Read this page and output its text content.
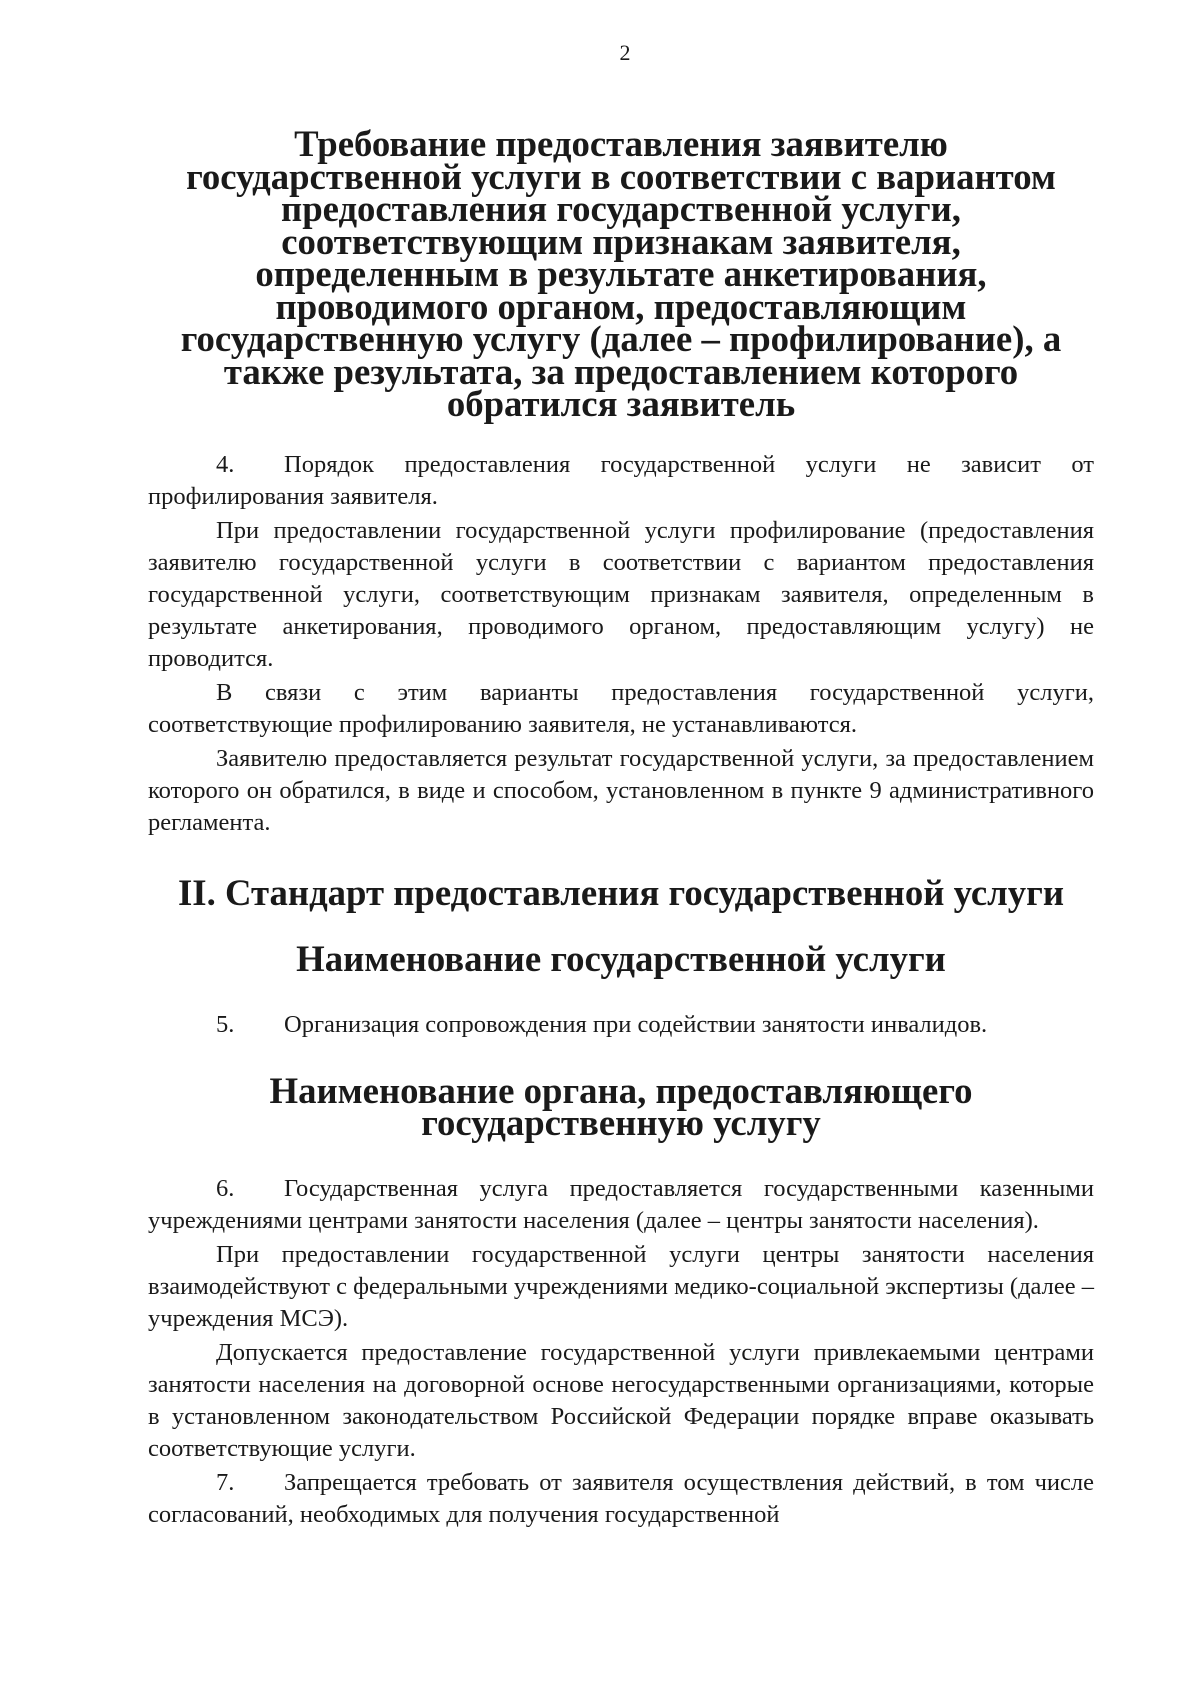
2
Требование предоставления заявителю государственной услуги в соответствии с вариантом предоставления государственной услуги, соответствующим признакам заявителя, определенным в результате анкетирования, проводимого органом, предоставляющим государственную услугу (далее – профилирование), а также результата, за предоставлением которого обратился заявитель

4. Порядок предоставления государственной услуги не зависит от профилирования заявителя.

При предоставлении государственной услуги профилирование (предоставления заявителю государственной услуги в соответствии с вариантом предоставления государственной услуги, соответствующим признакам заявителя, определенным в результате анкетирования, проводимого органом, предоставляющим услугу) не проводится.

В связи с этим варианты предоставления государственной услуги, соответствующие профилированию заявителя, не устанавливаются.

Заявителю предоставляется результат государственной услуги, за предоставлением которого он обратился, в виде и способом, установленном в пункте 9 административного регламента.

II. Стандарт предоставления государственной услуги
Наименование государственной услуги

5. Организация сопровождения при содействии занятости инвалидов.

Наименование органа, предоставляющего государственную услугу

6. Государственная услуга предоставляется государственными казенными учреждениями центрами занятости населения (далее – центры занятости населения).

При предоставлении государственной услуги центры занятости населения взаимодействуют с федеральными учреждениями медико-социальной экспертизы (далее – учреждения МСЭ).

Допускается предоставление государственной услуги привлекаемыми центрами занятости населения на договорной основе негосударственными организациями, которые в установленном законодательством Российской Федерации порядке вправе оказывать соответствующие услуги.

7. Запрещается требовать от заявителя осуществления действий, в том числе согласований, необходимых для получения государственной
